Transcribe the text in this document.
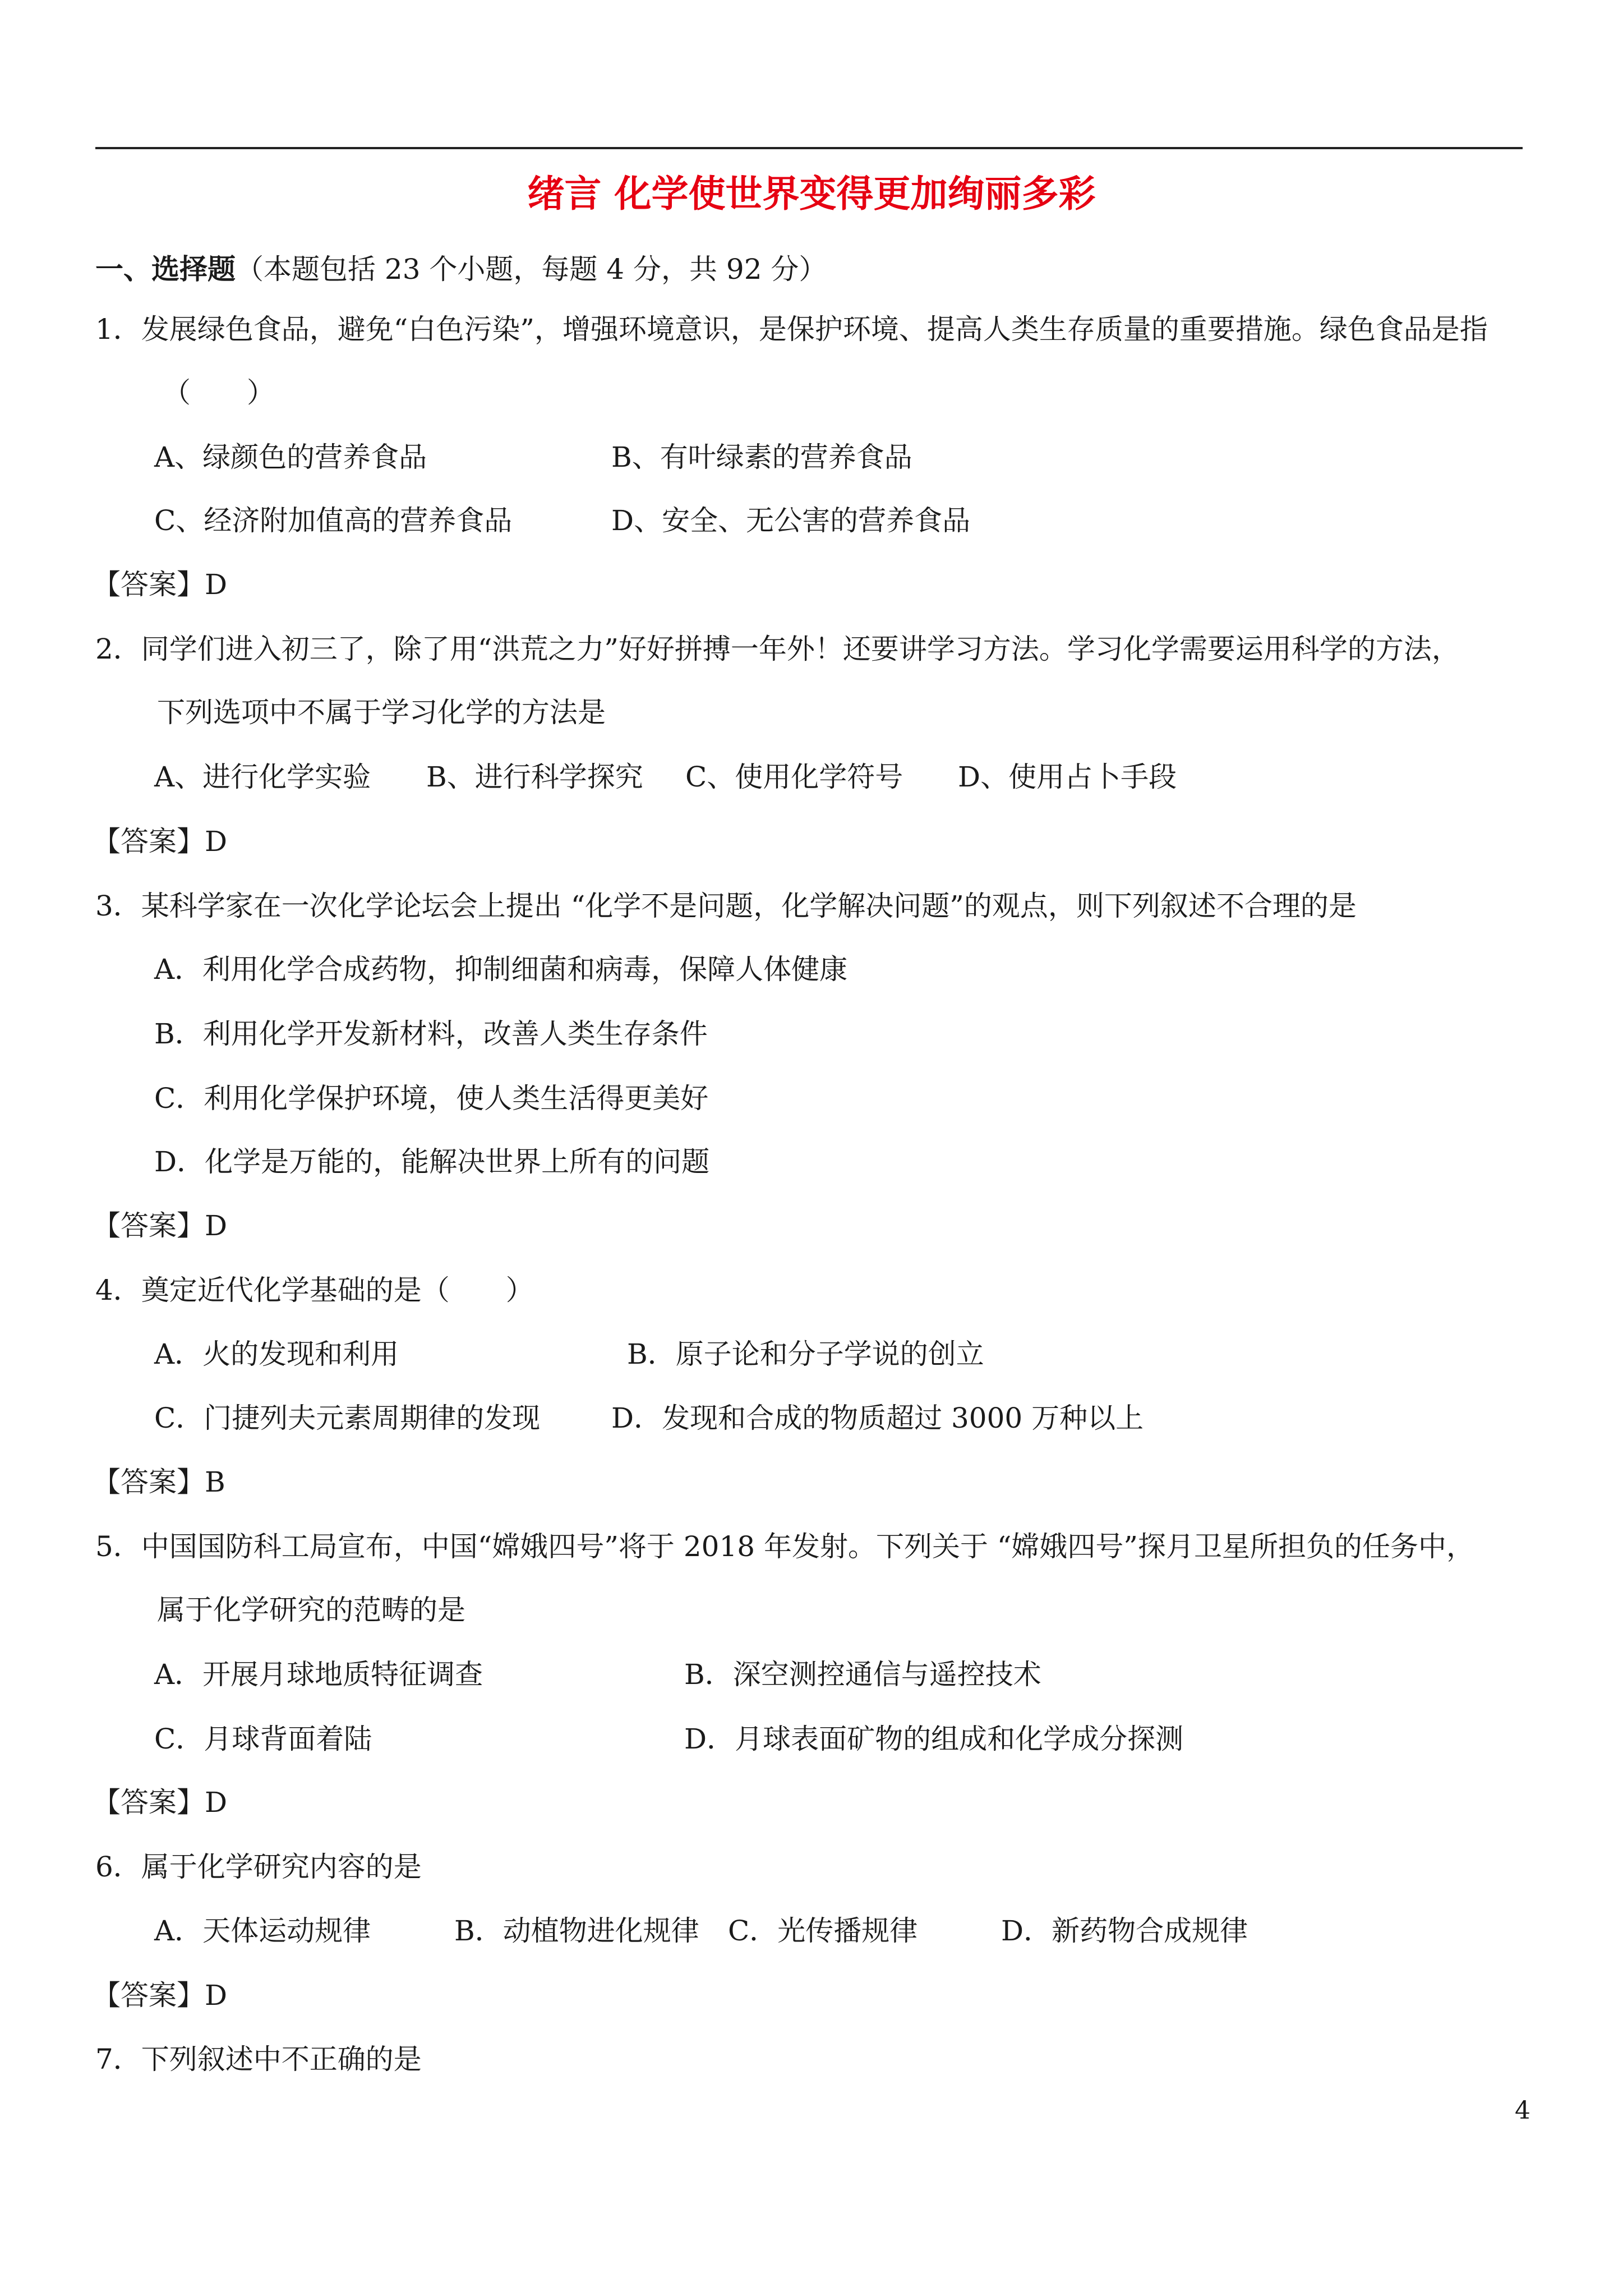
绪言 化学使世界变得更加绚丽多彩
一、选择题（本题包括 23 个小题，每题 4 分，共 92 分）
1．发展绿色食品，避免“白色污染”，增强环境意识，是保护环境、提高人类生存质量的重要措施。绿色食品是指
（　　）
A、绿颜色的营养食品	B、有叶绿素的营养食品
C、经济附加值高的营养食品	D、安全、无公害的营养食品
【答案】D
2．同学们进入初三了，除了用“洪荒之力”好好拼搏一年外！还要讲学习方法。学习化学需要运用科学的方法，
下列选项中不属于学习化学的方法是
A、进行化学实验 B、进行科学探究 C、使用化学符号 D、使用占卜手段
【答案】D
3．某科学家在一次化学论坛会上提出 “化学不是问题，化学解决问题”的观点，则下列叙述不合理的是
A．利用化学合成药物，抑制细菌和病毒，保障人体健康
B．利用化学开发新材料，改善人类生存条件
C．利用化学保护环境，使人类生活得更美好
D．化学是万能的，能解决世界上所有的问题
【答案】D
4．奠定近代化学基础的是（　　）
A．火的发现和利用	B．原子论和分子学说的创立
C．门捷列夫元素周期律的发现	D．发现和合成的物质超过 3000 万种以上
【答案】B
5．中国国防科工局宣布，中国“嫦娥四号”将于 2018 年发射。下列关于 “嫦娥四号”探月卫星所担负的任务中，
属于化学研究的范畴的是
A．开展月球地质特征调查	B．深空测控通信与遥控技术
C．月球背面着陆	D．月球表面矿物的组成和化学成分探测
【答案】D
6．属于化学研究内容的是
A．天体运动规律	B．动植物进化规律 C．光传播规律	D．新药物合成规律
【答案】D
7．下列叙述中不正确的是
4
